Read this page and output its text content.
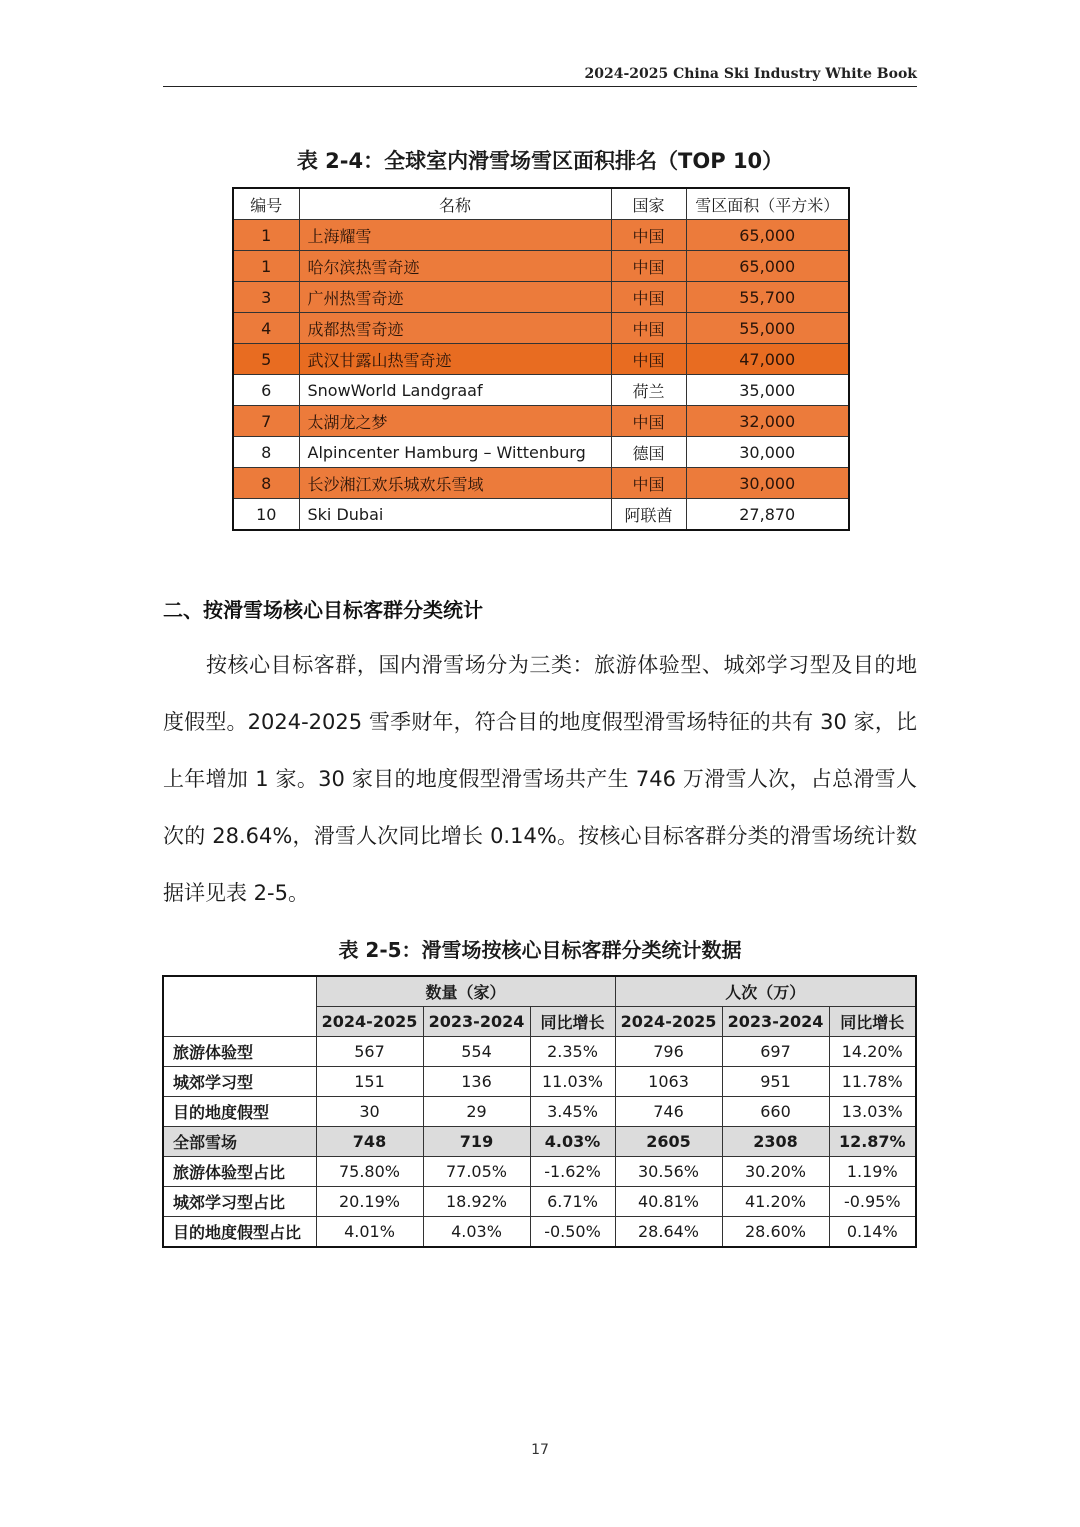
2024-2025 China Ski Industry White Book
表 2-4：全球室内滑雪场雪区面积排名（TOP 10）
编号	名称	国家	雪区面积（平方米）
1	上海耀雪	中国	65,000
1	哈尔滨热雪奇迹	中国	65,000
3	广州热雪奇迹	中国	55,700
4	成都热雪奇迹	中国	55,000
5	武汉甘露山热雪奇迹	中国	47,000
6	SnowWorld Landgraaf	荷兰	35,000
7	太湖龙之梦	中国	32,000
8	Alpincenter Hamburg – Wittenburg	德国	30,000
8	长沙湘江欢乐城欢乐雪域	中国	30,000
10	Ski Dubai	阿联酋	27,870
二、按滑雪场核心目标客群分类统计
按核心目标客群，国内滑雪场分为三类：旅游体验型、城郊学习型及目的地
度假型。2024-2025 雪季财年，符合目的地度假型滑雪场特征的共有 30 家，比
上年增加 1 家。30 家目的地度假型滑雪场共产生 746 万滑雪人次，占总滑雪人
次的 28.64%，滑雪人次同比增长 0.14%。按核心目标客群分类的滑雪场统计数
据详见表 2-5。
表 2-5：滑雪场按核心目标客群分类统计数据
	数量（家）			人次（万）		
	2024-2025	2023-2024	同比增长	2024-2025	2023-2024	同比增长
旅游体验型	567	554	2.35%	796	697	14.20%
城郊学习型	151	136	11.03%	1063	951	11.78%
目的地度假型	30	29	3.45%	746	660	13.03%
全部雪场	748	719	4.03%	2605	2308	12.87%
旅游体验型占比	75.80%	77.05%	-1.62%	30.56%	30.20%	1.19%
城郊学习型占比	20.19%	18.92%	6.71%	40.81%	41.20%	-0.95%
目的地度假型占比	4.01%	4.03%	-0.50%	28.64%	28.60%	0.14%
17
